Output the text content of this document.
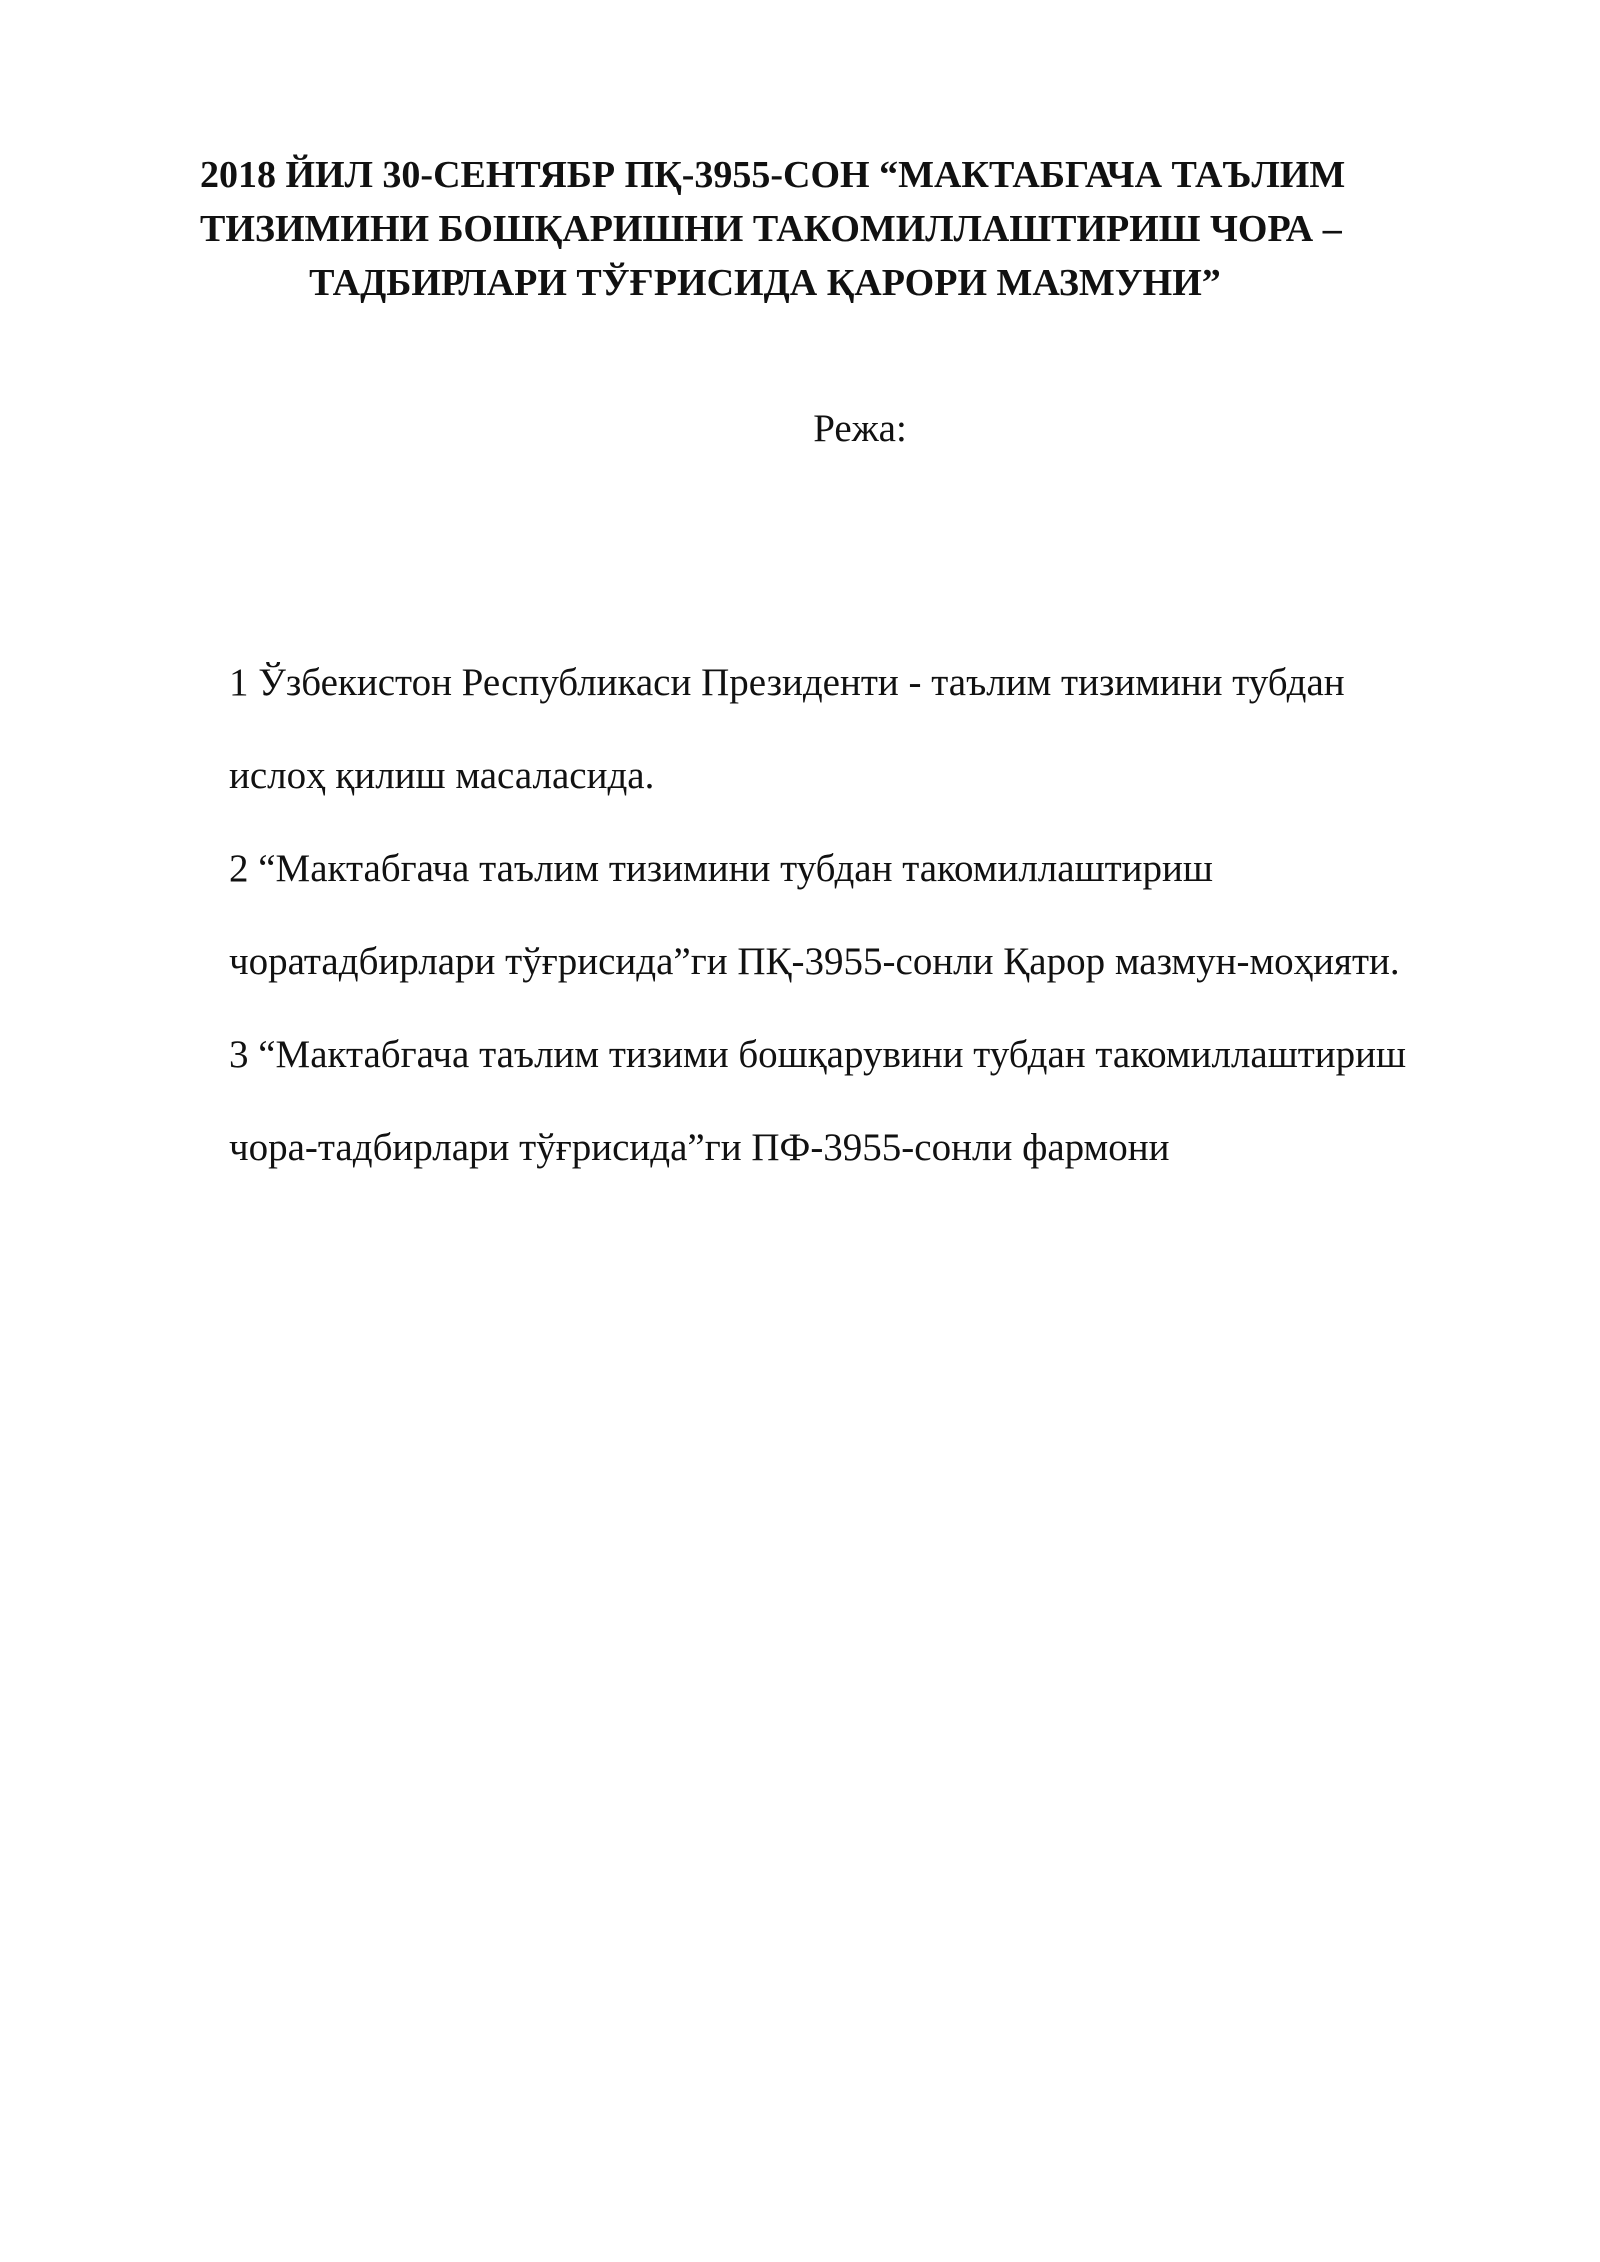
2018 ЙИЛ 30-СЕНТЯБР ПҚ-3955-СОН “МАКТАБГАЧА ТАЪЛИМ
ТИЗИМИНИ БОШҚАРИШНИ ТАКОМИЛЛАШТИРИШ ЧОРА –
ТАДБИРЛАРИ ТЎҒРИСИДА ҚАРОРИ МАЗМУНИ”

Режа:

1 Ўзбекистон Республикаси Президенти - таълим тизимини тубдан
ислоҳ қилиш масаласида.
2 “Мактабгача таълим тизимини тубдан такомиллаштириш
чоратадбирлари тўғрисида”ги ПҚ-3955-сонли Қарор мазмун-моҳияти.
3 “Мактабгача таълим тизими бошқарувини тубдан такомиллаштириш
чора-тадбирлари тўғрисида”ги ПФ-3955-сонли фармони
